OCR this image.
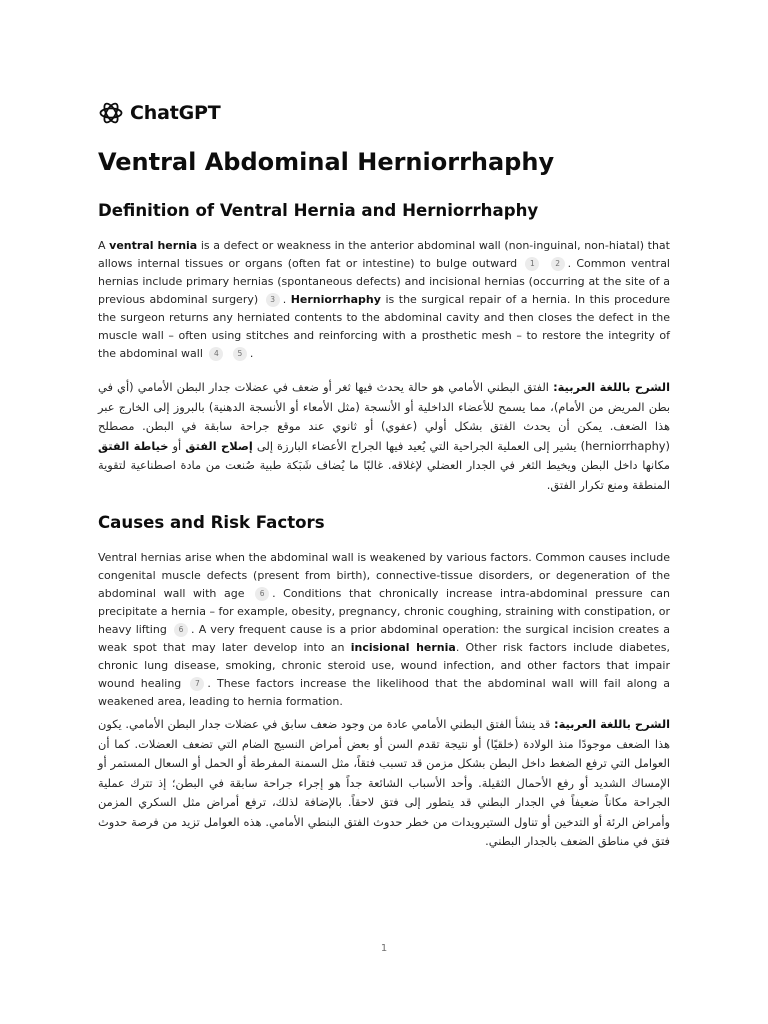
ChatGPT
Ventral Abdominal Herniorrhaphy
Definition of Ventral Hernia and Herniorrhaphy

A ventral hernia is a defect or weakness in the anterior abdominal wall (non-inguinal, non-hiatal) that allows internal tissues or organs (often fat or intestine) to bulge outward 1	2 . Common ventral hernias include primary hernias (spontaneous defects) and incisional hernias (occurring at the site of a previous abdominal surgery) 3 . Herniorrhaphy is the surgical repair of a hernia. In this procedure the surgeon returns any herniated contents to the abdominal cavity and then closes the defect in the muscle wall – often using stitches and reinforcing with a prosthetic mesh – to restore the integrity of the abdominal wall 4 5 .

الشرح باللغة العربية: الفتق البطني الأمامي هو حالة يحدث فيها ثغر أو ضعف في عضلات جدار البطن الأمامي (أي في بطن المريض من الأمام)، مما يسمح للأعضاء الداخلية أو الأنسجة (مثل الأمعاء أو الأنسجة الدهنية) بالبروز إلى الخارج عبر هذا الضعف. يمكن أن يحدث الفتق بشكل أولي (عفوي) أو ثانوي عند موقع جراحة سابقة في البطن. مصطلح (herniorrhaphy) يشير إلى العملية الجراحية التي يُعيد فيها الجراح الأعضاء البارزة إلى إصلاح الفتق أو خياطة الفتق مكانها داخل البطن ويخيط الثغر في الجدار العضلي لإغلاقه. غالبًا ما يُضاف شَبَكة طبية صُنعت من مادة اصطناعية لتقوية المنطقة ومنع تكرار الفتق.

Causes and Risk Factors

Ventral hernias arise when the abdominal wall is weakened by various factors. Common causes include congenital muscle defects (present from birth), connective-tissue disorders, or degeneration of the abdominal wall with age 6 . Conditions that chronically increase intra-abdominal pressure can precipitate a hernia – for example, obesity, pregnancy, chronic coughing, straining with constipation, or heavy lifting 6 . A very frequent cause is a prior abdominal operation: the surgical incision creates a weak spot that may later develop into an incisional hernia. Other risk factors include diabetes, chronic lung disease, smoking, chronic steroid use, wound infection, and other factors that impair wound healing 7 . These factors increase the likelihood that the abdominal wall will fail along a weakened area, leading to hernia formation.

الشرح باللغة العربية: قد ينشأ الفتق البطني الأمامي عادة من وجود ضعف سابق في عضلات جدار البطن الأمامي. يكون هذا الضعف موجودًا منذ الولادة (خلقيًا) أو نتيجة تقدم السن أو بعض أمراض النسيج الضام التي تضعف العضلات. كما أن العوامل التي ترفع الضغط داخل البطن بشكل مزمن قد تسبب فتقاً، مثل السمنة المفرطة أو الحمل أو السعال المستمر أو الإمساك الشديد أو رفع الأحمال الثقيلة. وأحد الأسباب الشائعة جداً هو إجراء جراحة سابقة في البطن؛ إذ تترك عملية الجراحة مكاناً ضعيفاً في الجدار البطني قد يتطور إلى فتق لاحقاً. بالإضافة لذلك، ترفع أمراض مثل السكري المزمن وأمراض الرئة أو التدخين أو تناول الستيرويدات من خطر حدوث الفتق البنطي الأمامي. هذه العوامل تزيد من فرصة حدوث فتق في مناطق الضعف بالجدار البطني.

1
